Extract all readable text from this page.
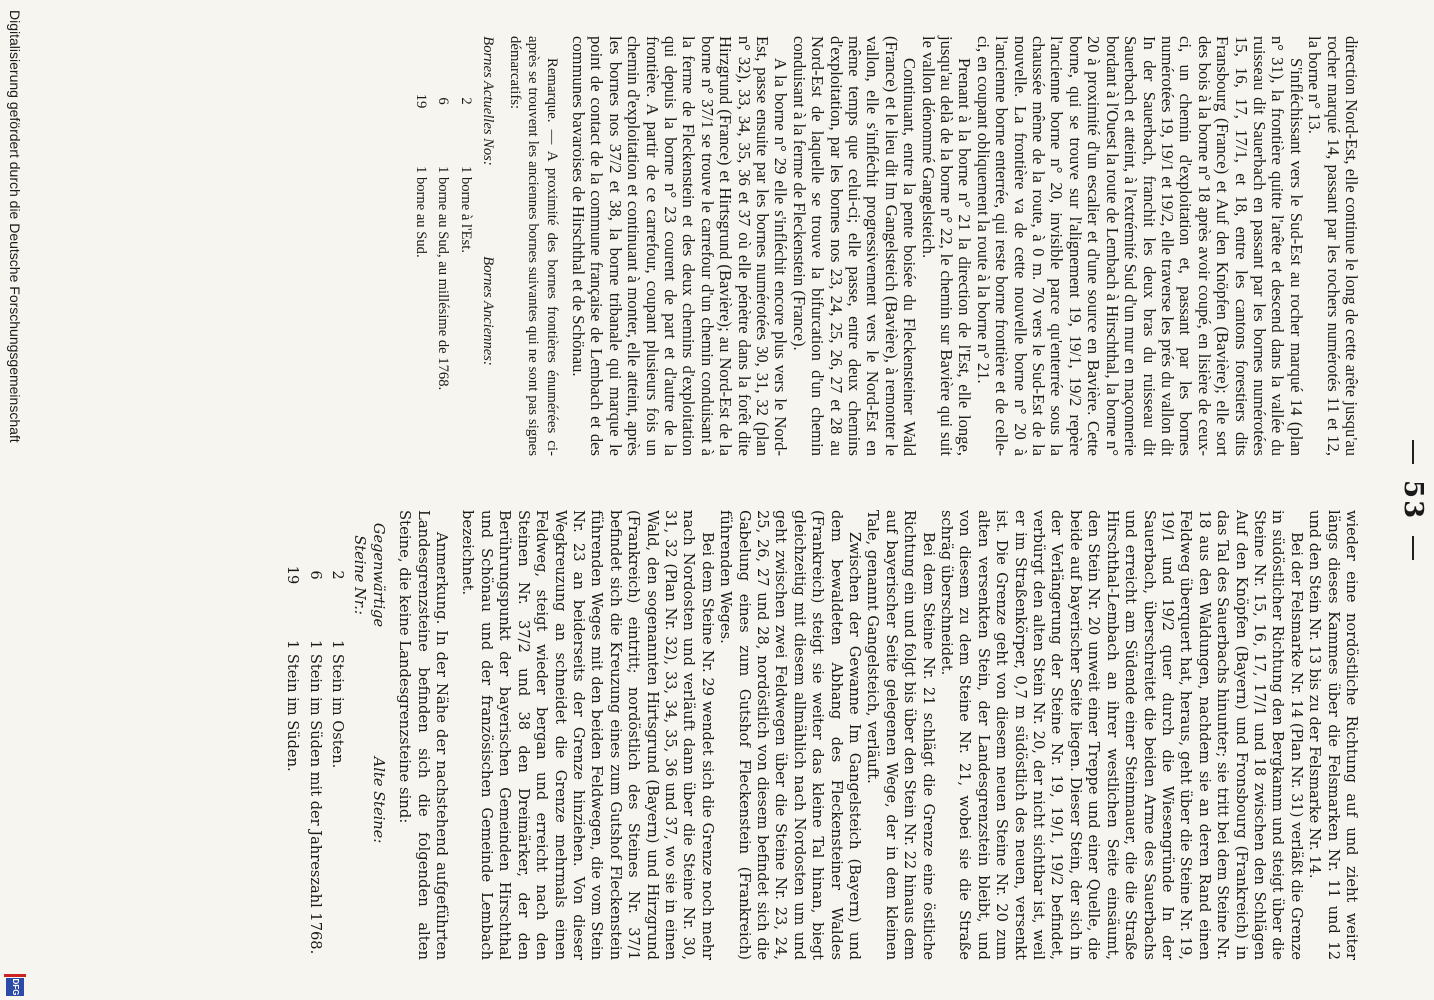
53

direction Nord-Est, elle continue le long de cette arête jusqu'au rocher marqué 14, passant par les rochers numérotés 11 et 12, la borne n° 13.

S'infléchissant vers le Sud-Est au rocher marqué 14 (plan n° 31), la frontière quitte l'arête et descend dans la vallée du ruisseau dit Sauerbach en passant par les bornes numérotées 15, 16, 17, 17/1, et 18, entre les cantons forestiers dits Fransbourg (France) et Auf den Knöpfen (Bavière); elle sort des bois à la borne n° 18 après avoir coupé, en lisière de ceux-ci, un chemin d'exploitation et, passant par les bornes numérotées 19, 19/1 et 19/2, elle traverse les prés du vallon dit In der Sauerbach, franchit les deux bras du ruisseau dit Sauerbach et atteint, à l'extrémité Sud d'un mur en maçonnerie bordant à l'Ouest la route de Lembach à Hirschthal, la borne n° 20 à proximité d'un escalier et d'une source en Bavière. Cette borne, qui se trouve sur l'alignement 19, 19/1, 19/2 repère l'ancienne borne n° 20, invisible parce qu'enterrée sous la chaussée même de la route, à 0 m. 70 vers le Sud-Est de la nouvelle. La frontière va de cette nouvelle borne n° 20 à l'ancienne borne enterrée, qui reste borne frontière et de celle-ci, en coupant obliquement la route à la borne n° 21.

Prenant à la borne n° 21 la direction de l'Est, elle longe, jusqu'au delà de la borne n° 22, le chemin sur Bavière qui suit le vallon dénommé Gangelsteich.

Continuant, entre la pente boisée du Fleckensteiner Wald (France) et le lieu dit Im Gangelsteich (Bavière), à remonter le vallon, elle s'infléchit progressivement vers le Nord-Est en même temps que celui-ci; elle passe, entre deux chemins d'exploitation, par les bornes nos 23, 24, 25, 26, 27 et 28 au Nord-Est de laquelle se trouve la bifurcation d'un chemin conduisant à la ferme de Fleckenstein (France).

A la borne n° 29 elle s'infléchit encore plus vers le Nord-Est, passe ensuite par les bornes numérotées 30, 31, 32 (plan n° 32), 33, 34, 35, 36 et 37 où elle pénètre dans la forêt dite Hirzgrund (France) et Hirtsgrund (Bavière); au Nord-Est de la borne n° 37/1 se trouve le carrefour d'un chemin conduisant à la ferme de Fleckenstein et des deux chemins d'exploitation qui depuis la borne n° 23 courent de part et d'autre de la frontière. A partir de ce carrefour, coupant plusieurs fois un chemin d'exploitation et continuant à monter, elle atteint, après les bornes nos 37/2 et 38, la borne tribanale qui marque le point de contact de la commune française de Lembach et des communes bavaroises de Hirschthal et de Schönau.

Remarque. — A proximité des bornes frontières énumérées ci-après se trouvent les anciennes bornes suivantes qui ne sont pas signes démarcatifs:

Bornes Actuelles Nos:
Bornes Anciennes:
2
1 borne à l'Est.
6
1 borne au Sud, au millésime de 1768.
19
1 borne au Sud.

wieder eine nordöstliche Richtung auf und zieht weiter längs dieses Kammes über die Felsmarken Nr. 11 und 12 und den Stein Nr. 13 bis zu der Felsmarke Nr. 14.

Bei der Felsmarke Nr. 14 (Plan Nr. 31) verläßt die Grenze in südöstlicher Richtung den Bergkamm und steigt über die Steine Nr. 15, 16, 17, 17/1 und 18 zwischen den Schlägen Auf den Knöpfen (Bayern) und Fronsbourg (Frankreich) in das Tal des Sauerbachs hinunter; sie tritt bei dem Steine Nr. 18 aus den Waldungen, nachdem sie an deren Rand einen Feldweg überquert hat, heraus, geht über die Steine Nr. 19, 19/1 und 19/2 quer durch die Wiesengründe In der Sauerbach, überschreitet die beiden Arme des Sauerbachs und erreicht am Südende einer Steinmauer, die die Straße Hirschthal-Lembach an ihrer westlichen Seite einsäumt, den Stein Nr. 20 unweit einer Treppe und einer Quelle, die beide auf bayerischer Seite liegen. Dieser Stein, der sich in der Verlängerung der Steine Nr. 19, 19/1, 19/2 befindet, verbürgt den alten Stein Nr. 20, der nicht sichtbar ist, weil er im Straßenkörper, 0,7 m südöstlich des neuen, versenkt ist. Die Grenze geht von diesem neuen Steine Nr. 20 zum alten versenkten Stein, der Landesgrenzstein bleibt, und von diesem zu dem Steine Nr. 21, wobei sie die Straße schräg überschneidet.

Bei dem Steine Nr. 21 schlägt die Grenze eine östliche Richtung ein und folgt bis über den Stein Nr. 22 hinaus dem auf bayerischer Seite gelegenen Wege, der in dem kleinen Tale, genannt Gangelsteich, verläuft.

Zwischen der Gewanne Im Gangelsteich (Bayern) und dem bewaldeten Abhang des Fleckensteiner Waldes (Frankreich) steigt sie weiter das kleine Tal hinan, biegt gleichzeitig mit diesem allmählich nach Nordosten um und geht zwischen zwei Feldwegen über die Steine Nr. 23, 24, 25, 26, 27 und 28, nordöstlich von diesem befindet sich die Gabelung eines zum Gutshof Fleckenstein (Frankreich) führenden Weges.

Bei dem Steine Nr. 29 wendet sich die Grenze noch mehr nach Nordosten und verläuft dann über die Steine Nr. 30, 31, 32 (Plan Nr. 32), 33, 34, 35, 36 und 37, wo sie in einen Wald, den sogenannten Hirtsgrund (Bayern) und Hirzgrund (Frankreich) eintritt; nordöstlich des Steines Nr. 37/1 befindet sich die Kreuzung eines zum Gutshof Fleckenstein führenden Weges mit den beiden Feldwegen, die vom Stein Nr. 23 an beiderseits der Grenze hinziehen. Von dieser Wegkreuzung an schneidet die Grenze mehrmals einen Feldweg, steigt wieder bergan und erreicht nach den Steinen Nr. 37/2 und 38 den Dreimärker, der den Berührungspunkt der bayerischen Gemeinden Hirschthal und Schönau und der französischen Gemeinde Lembach bezeichnet.

Anmerkung. In der Nähe der nachstehend aufgeführten Landesgrenzsteine befinden sich die folgenden alten Steine, die keine Landesgrenzsteine sind:

Gegenwärtige Steine Nr.:
Alte Steine:
2
1 Stein im Osten.
6
1 Stein im Süden mit der Jahreszahl 1768.
19
1 Stein im Süden.
Digitalisierung gefördert durch die Deutsche Forschungsgemeinschaft
DFG
